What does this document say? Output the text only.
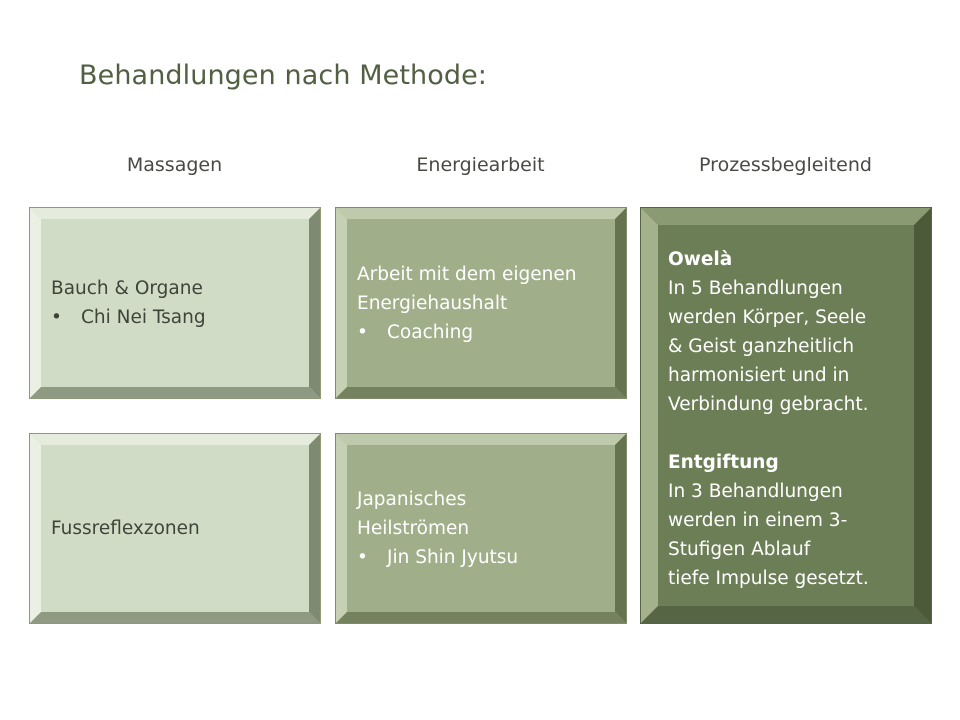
Behandlungen nach Methode:
Massagen	Energiearbeit	Prozessbegleitend
Bauch & Organe
•	Chi Nei Tsang
Fussreflexzonen
Arbeit mit dem eigenen
Energiehaushalt
•	Coaching
Japanisches
Heilströmen
•	Jin Shin Jyutsu
Owelà
In 5 Behandlungen
werden Körper, Seele
& Geist ganzheitlich
harmonisiert und in
Verbindung gebracht.
Entgiftung
In 3 Behandlungen
werden in einem 3-
Stufigen Ablauf
tiefe Impulse gesetzt.
